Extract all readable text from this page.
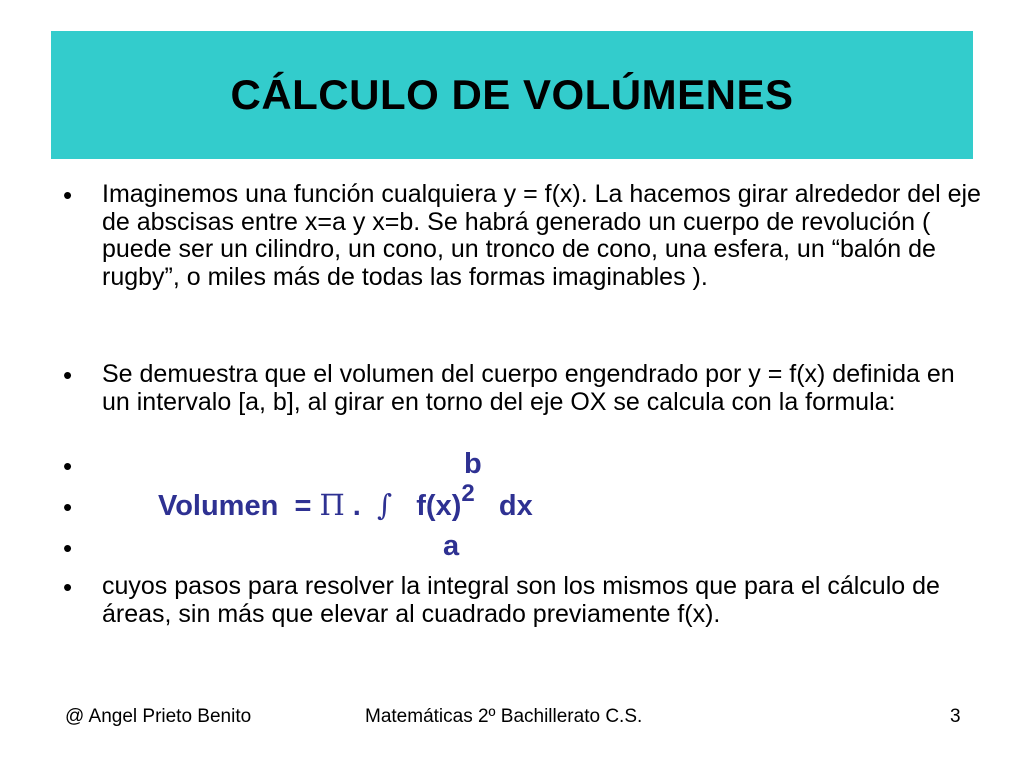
CÁLCULO DE VOLÚMENES
• Imaginemos una función cualquiera y = f(x). La hacemos girar alrededor del eje de abscisas entre x=a y x=b. Se habrá generado un cuerpo de revolución ( puede ser un cilindro, un cono, un tronco de cono, una esfera, un “balón de rugby”, o miles más de todas las formas imaginables ).
• Se demuestra que el volumen del cuerpo engendrado por y = f(x) definida en un intervalo [a, b], al girar en torno del eje OX se calcula con la formula:
•	b
•	Volumen = Π . ∫ $f(x)^2$ dx
•	a
• cuyos pasos para resolver la integral son los mismos que para el cálculo de áreas, sin más que elevar al cuadrado previamente f(x).
@ Angel Prieto Benito	Matemáticas 2º Bachillerato C.S.	3
